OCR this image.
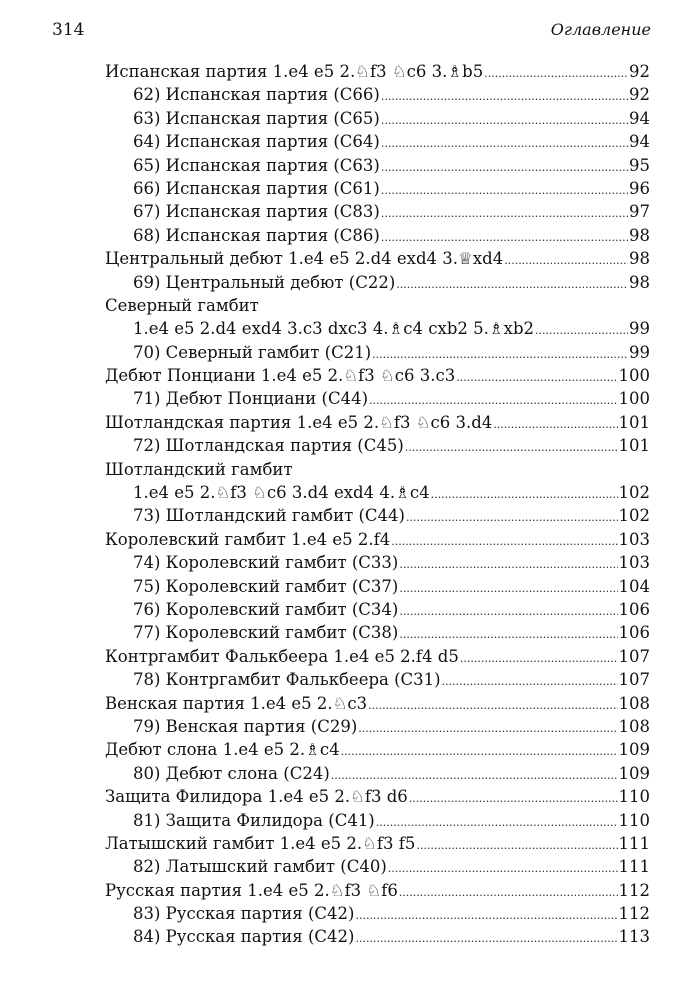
314	Оглавление
Испанская партия 1.e4 e5 2.♘f3 ♘c6 3.♗b5 .....	92
62) Испанская партия (C66) .....	92
63) Испанская партия (C65) .....	94
64) Испанская партия (C64) .....	94
65) Испанская партия (C63) .....	95
66) Испанская партия (C61) .....	96
67) Испанская партия (C83) .....	97
68) Испанская партия (C86) .....	98
Центральный дебют 1.e4 e5 2.d4 exd4 3.♕xd4 .....	98
69) Центральный дебют (C22) .....	98
Северный гамбит
1.e4 e5 2.d4 exd4 3.c3 dxc3 4.♗c4 cxb2 5.♗xb2 .....	99
70) Северный гамбит (C21) .....	99
Дебют Понциани 1.e4 e5 2.♘f3 ♘c6 3.c3 .....	100
71) Дебют Понциани (C44) .....	100
Шотландская партия 1.e4 e5 2.♘f3 ♘c6 3.d4 .....	101
72) Шотландская партия (C45) .....	101
Шотландский гамбит
1.e4 e5 2.♘f3 ♘c6 3.d4 exd4 4.♗c4 .....	102
73) Шотландский гамбит (C44) .....	102
Королевский гамбит 1.e4 e5 2.f4 .....	103
74) Королевский гамбит (C33) .....	103
75) Королевский гамбит (C37) .....	104
76) Королевский гамбит (C34) .....	106
77) Королевский гамбит (C38) .....	106
Контргамбит Фалькбеера 1.e4 e5 2.f4 d5 .....	107
78) Контргамбит Фалькбеера (C31) .....	107
Венская партия 1.e4 e5 2.♘c3 .....	108
79) Венская партия (C29) .....	108
Дебют слона 1.e4 e5 2.♗c4 .....	109
80) Дебют слона (C24) .....	109
Защита Филидора 1.e4 e5 2.♘f3 d6 .....	110
81) Защита Филидора (C41) .....	110
Латышский гамбит 1.e4 e5 2.♘f3 f5 .....	111
82) Латышский гамбит (C40) .....	111
Русская партия 1.e4 e5 2.♘f3 ♘f6 .....	112
83) Русская партия (C42) .....	112
84) Русская партия (C42) .....	113
